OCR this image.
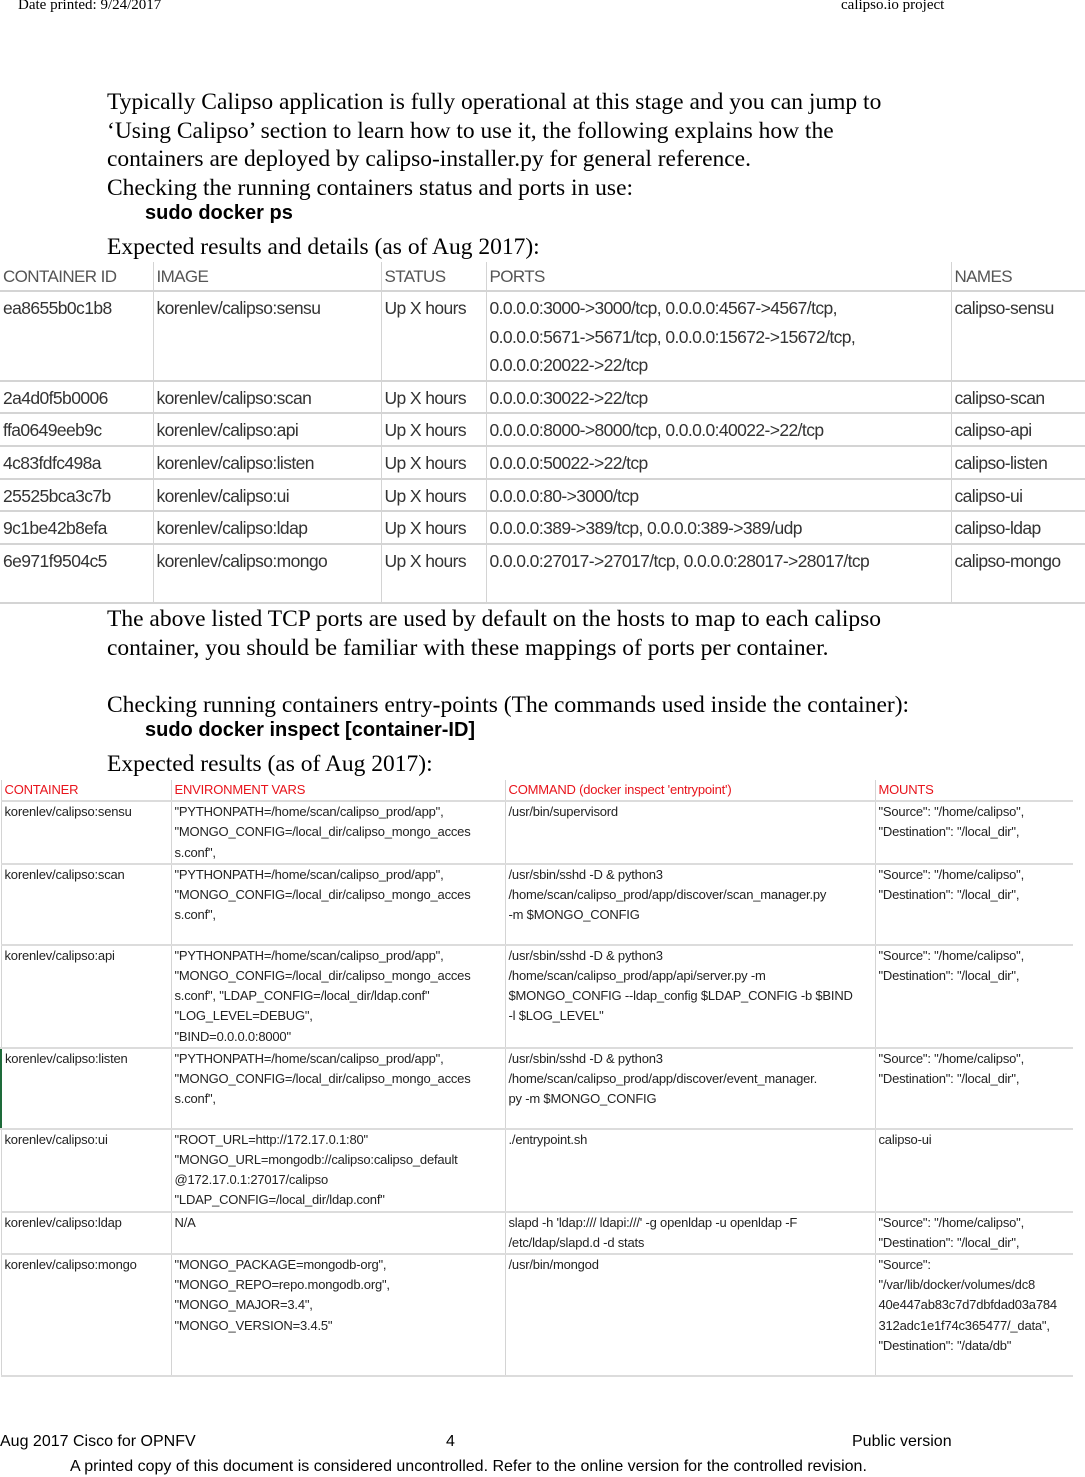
Date printed: 9/24/2017	calipso.io project

Typically Calipso application is fully operational at this stage and you can jump to
‘Using Calipso’ section to learn how to use it, the following explains how the
containers are deployed by calipso-installer.py for general reference.
Checking the running containers status and ports in use:

sudo docker ps

Expected results and details (as of Aug 2017):

CONTAINER ID	IMAGE	STATUS	PORTS	NAMES
ea8655b0c1b8	korenlev/calipso:sensu	Up X hours	0.0.0.0:3000->3000/tcp, 0.0.0.0:4567->4567/tcp,
0.0.0.0:5671->5671/tcp, 0.0.0.0:15672->15672/tcp,
0.0.0.0:20022->22/tcp	calipso-sensu
2a4d0f5b0006	korenlev/calipso:scan	Up X hours	0.0.0.0:30022->22/tcp	calipso-scan
ffa0649eeb9c	korenlev/calipso:api	Up X hours	0.0.0.0:8000->8000/tcp, 0.0.0.0:40022->22/tcp	calipso-api
4c83fdfc498a	korenlev/calipso:listen	Up X hours	0.0.0.0:50022->22/tcp	calipso-listen
25525bca3c7b	korenlev/calipso:ui	Up X hours	0.0.0.0:80->3000/tcp	calipso-ui
9c1be42b8efa	korenlev/calipso:ldap	Up X hours	0.0.0.0:389->389/tcp, 0.0.0.0:389->389/udp	calipso-ldap
6e971f9504c5	korenlev/calipso:mongo	Up X hours	0.0.0.0:27017->27017/tcp, 0.0.0.0:28017->28017/tcp	calipso-mongo

The above listed TCP ports are used by default on the hosts to map to each calipso
container, you should be familiar with these mappings of ports per container.

Checking running containers entry-points (The commands used inside the container):

sudo docker inspect [container-ID]

Expected results (as of Aug 2017):

CONTAINER	ENVIRONMENT VARS	COMMAND (docker inspect 'entrypoint')	MOUNTS
korenlev/calipso:sensu	"PYTHONPATH=/home/scan/calipso_prod/app",
"MONGO_CONFIG=/local_dir/calipso_mongo_acces
s.conf",	/usr/bin/supervisord	"Source": "/home/calipso",
"Destination": "/local_dir",
korenlev/calipso:scan	"PYTHONPATH=/home/scan/calipso_prod/app",
"MONGO_CONFIG=/local_dir/calipso_mongo_acces
s.conf",	/usr/sbin/sshd -D & python3
/home/scan/calipso_prod/app/discover/scan_manager.py
-m $MONGO_CONFIG	"Source": "/home/calipso",
"Destination": "/local_dir",
korenlev/calipso:api	"PYTHONPATH=/home/scan/calipso_prod/app",
"MONGO_CONFIG=/local_dir/calipso_mongo_acces
s.conf", "LDAP_CONFIG=/local_dir/ldap.conf"
"LOG_LEVEL=DEBUG",
"BIND=0.0.0.0:8000"	/usr/sbin/sshd -D & python3
/home/scan/calipso_prod/app/api/server.py -m
$MONGO_CONFIG --ldap_config $LDAP_CONFIG -b $BIND
-l $LOG_LEVEL"	"Source": "/home/calipso",
"Destination": "/local_dir",
korenlev/calipso:listen	"PYTHONPATH=/home/scan/calipso_prod/app",
"MONGO_CONFIG=/local_dir/calipso_mongo_acces
s.conf",	/usr/sbin/sshd -D & python3
/home/scan/calipso_prod/app/discover/event_manager.
py -m $MONGO_CONFIG	"Source": "/home/calipso",
"Destination": "/local_dir",
korenlev/calipso:ui	"ROOT_URL=http://172.17.0.1:80"
"MONGO_URL=mongodb://calipso:calipso_default
@172.17.0.1:27017/calipso
"LDAP_CONFIG=/local_dir/ldap.conf"	./entrypoint.sh	calipso-ui
korenlev/calipso:ldap	N/A	slapd -h 'ldap:/// ldapi:///' -g openldap -u openldap -F
/etc/ldap/slapd.d -d stats	"Source": "/home/calipso",
"Destination": "/local_dir",
korenlev/calipso:mongo	"MONGO_PACKAGE=mongodb-org",
"MONGO_REPO=repo.mongodb.org",
"MONGO_MAJOR=3.4",
"MONGO_VERSION=3.4.5"	/usr/bin/mongod	"Source":
"/var/lib/docker/volumes/dc8
40e447ab83c7d7dbfdad03a784
312adc1e1f74c365477/_data",
"Destination": "/data/db"
Aug 2017 Cisco for OPNFV	4	Public version
A printed copy of this document is considered uncontrolled. Refer to the online version for the controlled revision.
